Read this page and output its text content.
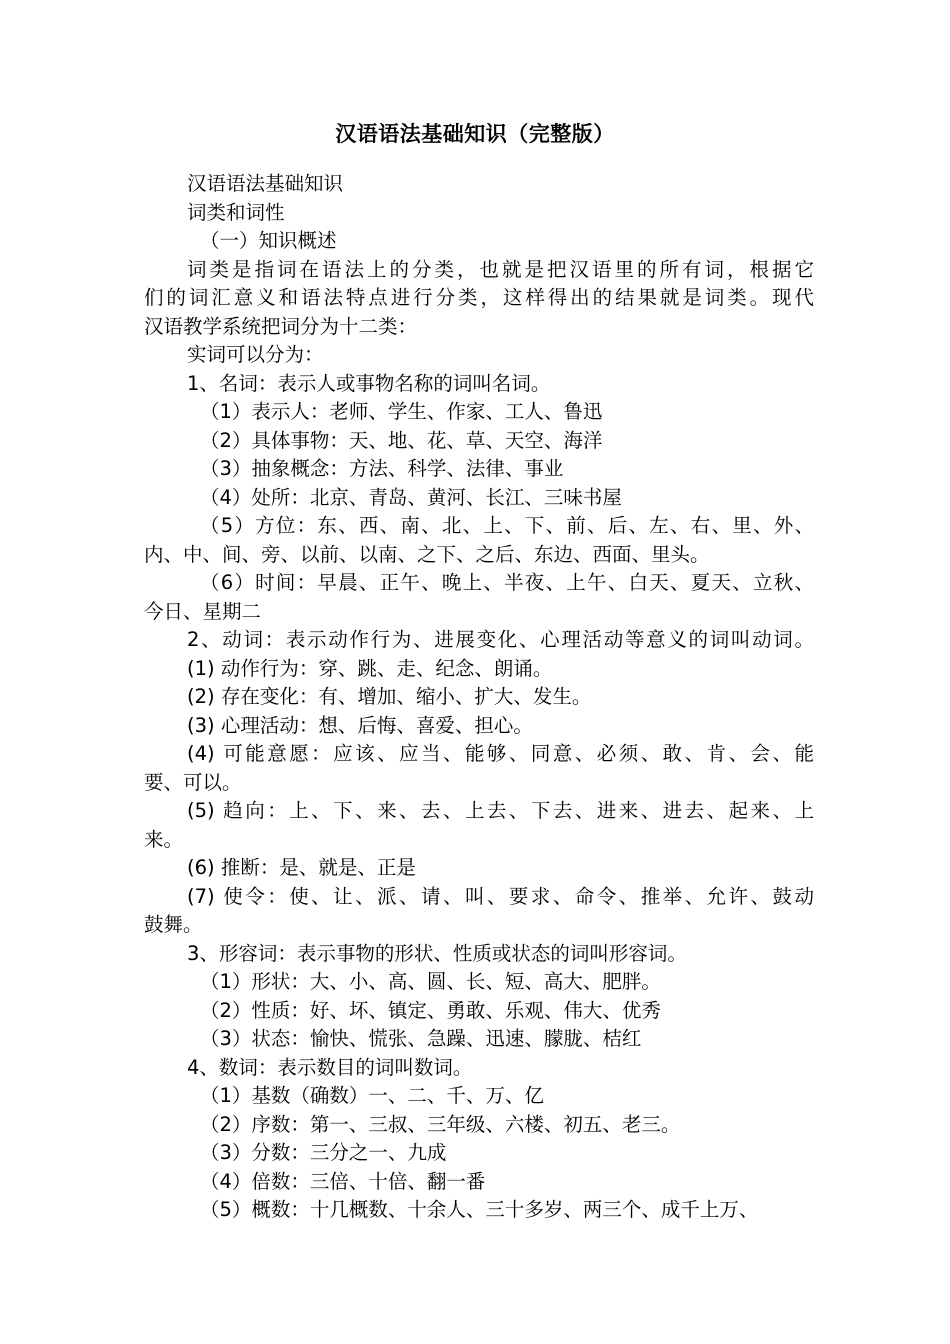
汉语语法基础知识（完整版）
汉语语法基础知识
词类和词性
（一）知识概述
词类是指词在语法上的分类，也就是把汉语里的所有词，根据它
们的词汇意义和语法特点进行分类，这样得出的结果就是词类。现代
汉语教学系统把词分为十二类：
实词可以分为：
1、名词：表示人或事物名称的词叫名词。
（1）表示人：老师、学生、作家、工人、鲁迅
（2）具体事物：天、地、花、草、天空、海洋
（3）抽象概念：方法、科学、法律、事业
（4）处所：北京、青岛、黄河、长江、三味书屋
（5）方位：东、西、南、北、上、下、前、后、左、右、里、外、
内、中、间、旁、以前、以南、之下、之后、东边、西面、里头。
（6）时间：早晨、正午、晚上、半夜、上午、白天、夏天、立秋、
今日、星期二
2、动词：表示动作行为、进展变化、心理活动等意义的词叫动词。
(1) 动作行为：穿、跳、走、纪念、朗诵。
(2) 存在变化：有、增加、缩小、扩大、发生。
(3) 心理活动：想、后悔、喜爱、担心。
(4) 可能意愿：应该、应当、能够、同意、必须、敢、肯、会、能
要、可以。
(5) 趋向：上、下、来、去、上去、下去、进来、进去、起来、上
来。
(6) 推断：是、就是、正是
(7) 使令：使、让、派、请、叫、要求、命令、推举、允许、鼓动
鼓舞。
3、形容词：表示事物的形状、性质或状态的词叫形容词。
（1）形状：大、小、高、圆、长、短、高大、肥胖。
（2）性质：好、坏、镇定、勇敢、乐观、伟大、优秀
（3）状态：愉快、慌张、急躁、迅速、朦胧、桔红
4、数词：表示数目的词叫数词。
（1）基数（确数）一、二、千、万、亿
（2）序数：第一、三叔、三年级、六楼、初五、老三。
（3）分数：三分之一、九成
（4）倍数：三倍、十倍、翻一番
（5）概数：十几概数、十余人、三十多岁、两三个、成千上万、
